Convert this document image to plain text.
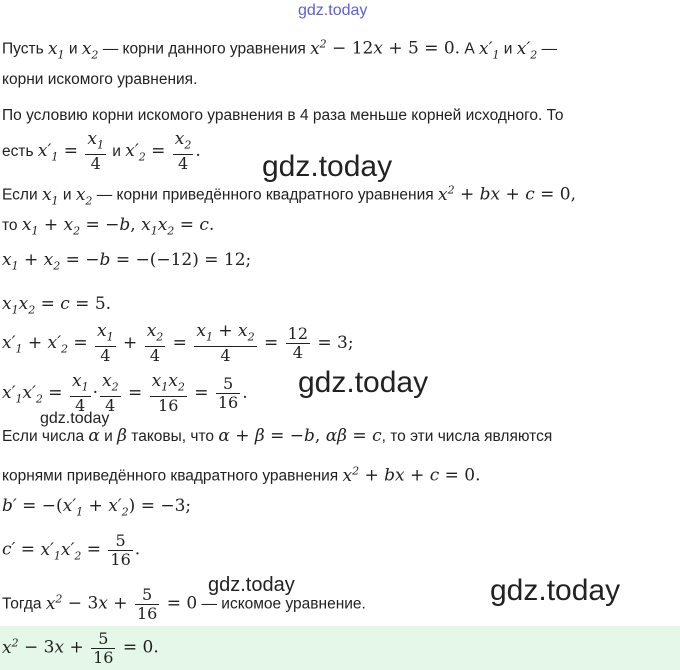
gdz.today
gdz.today
gdz.today
gdz.today
gdz.today	gdz.today
Пусть $x_1$ и $x_2$ — корни данного уравнения $x^2 - 12x + 5 = 0$. А $x'_1$ и $x'_2$ —
корни искомого уравнения.
По условию корни искомого уравнения в 4 раза меньше корней исходного. То
есть $x'_1 = \frac{x_1}{4}$ и $x'_2 = \frac{x_2}{4}$ .
Если $x_1$ и $x_2$ — корни приведённого квадратного уравнения $x^2$ + bx + c = 0,
то $x_1 + x_2 = -b$, $x_1x_2 = c$.
$x_1 + x_2 = -b = -(-12) = 12$;
$x_1x_2 = c = 5$.
$x'_1 + x'_2 = \frac{x_1}{4} + \frac{x_2}{4} = \frac{x_1 + x_2}{4} = \frac{12}{4} = 3$;
$x'_1x'_2 = \frac{x_1}{4} \cdot \frac{x_2}{4} = \frac{x_1x_2}{16} = \frac{5}{16}$ .
Если числа α и β таковы, что α + β = −b, αβ = c, то эти числа являются
корнями приведённого квадратного уравнения $x^2$ + bx + c = 0.
$b' = -(x'_1 + x'_2) = -3$;
$c' = x'_1x'_2 = \frac{5}{16}$ .
Тогда $x^2 - 3x + \frac{5}{16} = 0$ — искомое уравнение.
$x^2 - 3x + \frac{5}{16} = 0$.
